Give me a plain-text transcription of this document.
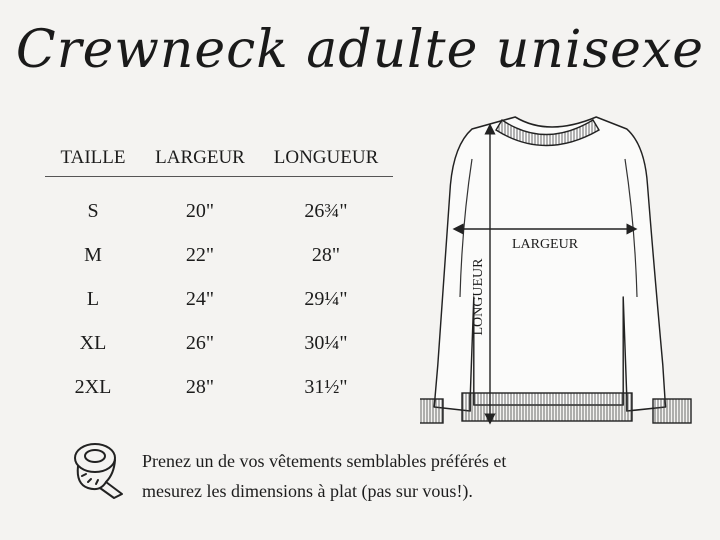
Crewneck adulte unisexe
TAILLE	LARGEUR	LONGUEUR
S	20"	26¾"
M	22"	28"
L	24"	29¼"
XL	26"	30¼"
2XL	28"	31½"
LARGEUR
LONGUEUR
Prenez un de vos vêtements semblables préférés et
mesurez les dimensions à plat (pas sur vous!).
